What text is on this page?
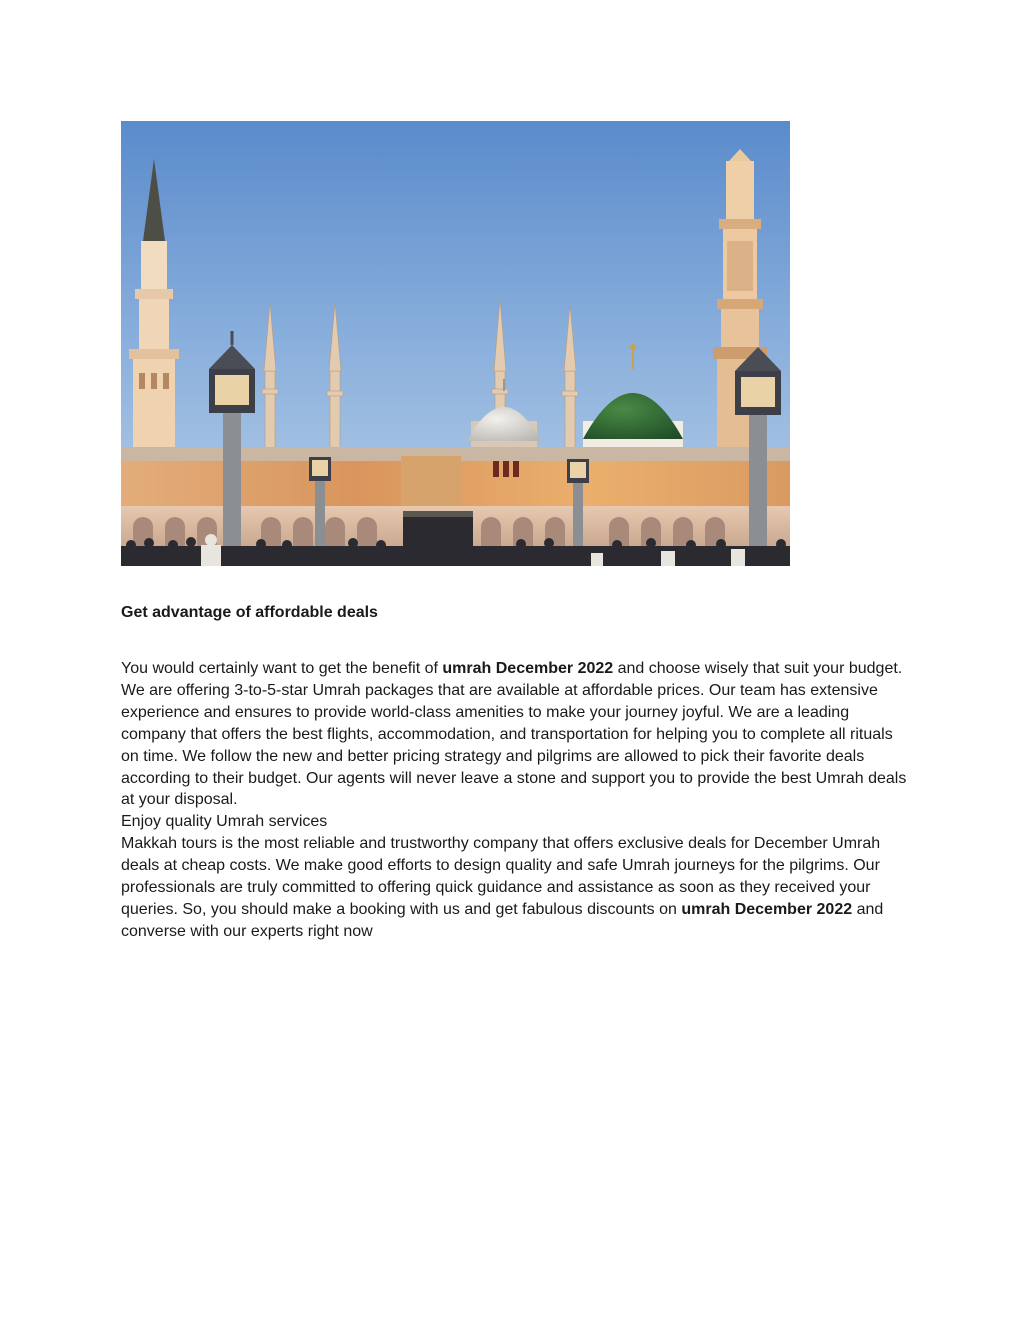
Get advantage of affordable deals

You would certainly want to get the benefit of umrah December 2022 and choose wisely that suit your budget. We are offering 3-to-5-star Umrah packages that are available at affordable prices. Our team has extensive experience and ensures to provide world-class amenities to make your journey joyful. We are a leading company that offers the best flights, accommodation, and transportation for helping you to complete all rituals on time. We follow the new and better pricing strategy and pilgrims are allowed to pick their favorite deals according to their budget. Our agents will never leave a stone and support you to provide the best Umrah deals at your disposal.

Enjoy quality Umrah services

Makkah tours is the most reliable and trustworthy company that offers exclusive deals for December Umrah deals at cheap costs. We make good efforts to design quality and safe Umrah journeys for the pilgrims. Our professionals are truly committed to offering quick guidance and assistance as soon as they received your queries. So, you should make a booking with us and get fabulous discounts on umrah December 2022 and converse with our experts right now
